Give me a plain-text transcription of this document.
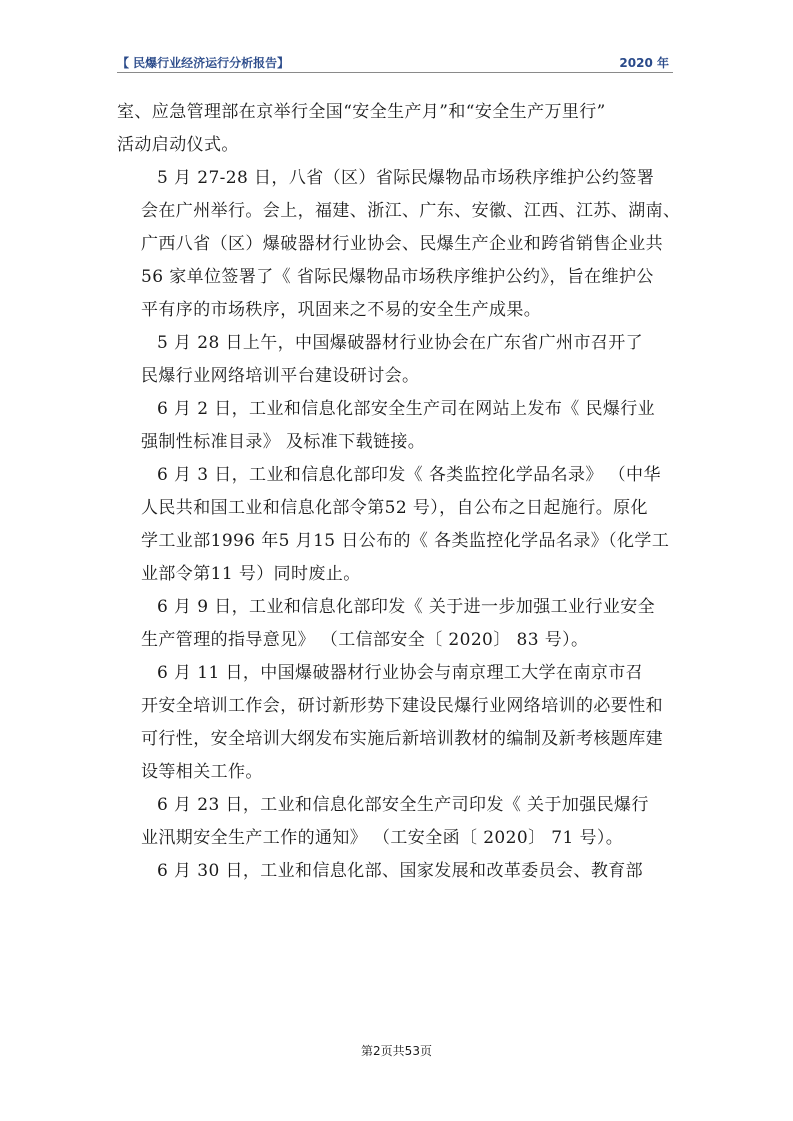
【 民爆行业经济运行分析报告】	2020 年

室、应急管理部在京举行全国“安全生产月”和“安全生产万里行”
活动启动仪式。

5 月 27-28 日，八省（区）省际民爆物品市场秩序维护公约签署
会在广州举行。会上，福建、浙江、广东、安徽、江西、江苏、湖南、
广西八省（区）爆破器材行业协会、民爆生产企业和跨省销售企业共
56 家单位签署了《 省际民爆物品市场秩序维护公约》，旨在维护公
平有序的市场秩序，巩固来之不易的安全生产成果。

5 月 28 日上午，中国爆破器材行业协会在广东省广州市召开了
民爆行业网络培训平台建设研讨会。

6 月 2 日，工业和信息化部安全生产司在网站上发布《 民爆行业
强制性标准目录》 及标准下载链接。

6 月 3 日，工业和信息化部印发《 各类监控化学品名录》 （中华
人民共和国工业和信息化部令第52 号），自公布之日起施行。原化
学工业部1996 年5 月15 日公布的《 各类监控化学品名录》（化学工
业部令第11 号）同时废止。

6 月 9 日，工业和信息化部印发《 关于进一步加强工业行业安全
生产管理的指导意见》 （工信部安全〔 2020〕 83 号）。

6 月 11 日，中国爆破器材行业协会与南京理工大学在南京市召
开安全培训工作会，研讨新形势下建设民爆行业网络培训的必要性和
可行性，安全培训大纲发布实施后新培训教材的编制及新考核题库建
设等相关工作。

6 月 23 日，工业和信息化部安全生产司印发《 关于加强民爆行
业汛期安全生产工作的通知》 （工安全函〔 2020〕 71 号）。

6 月 30 日，工业和信息化部、国家发展和改革委员会、教育部

第2页共53页
